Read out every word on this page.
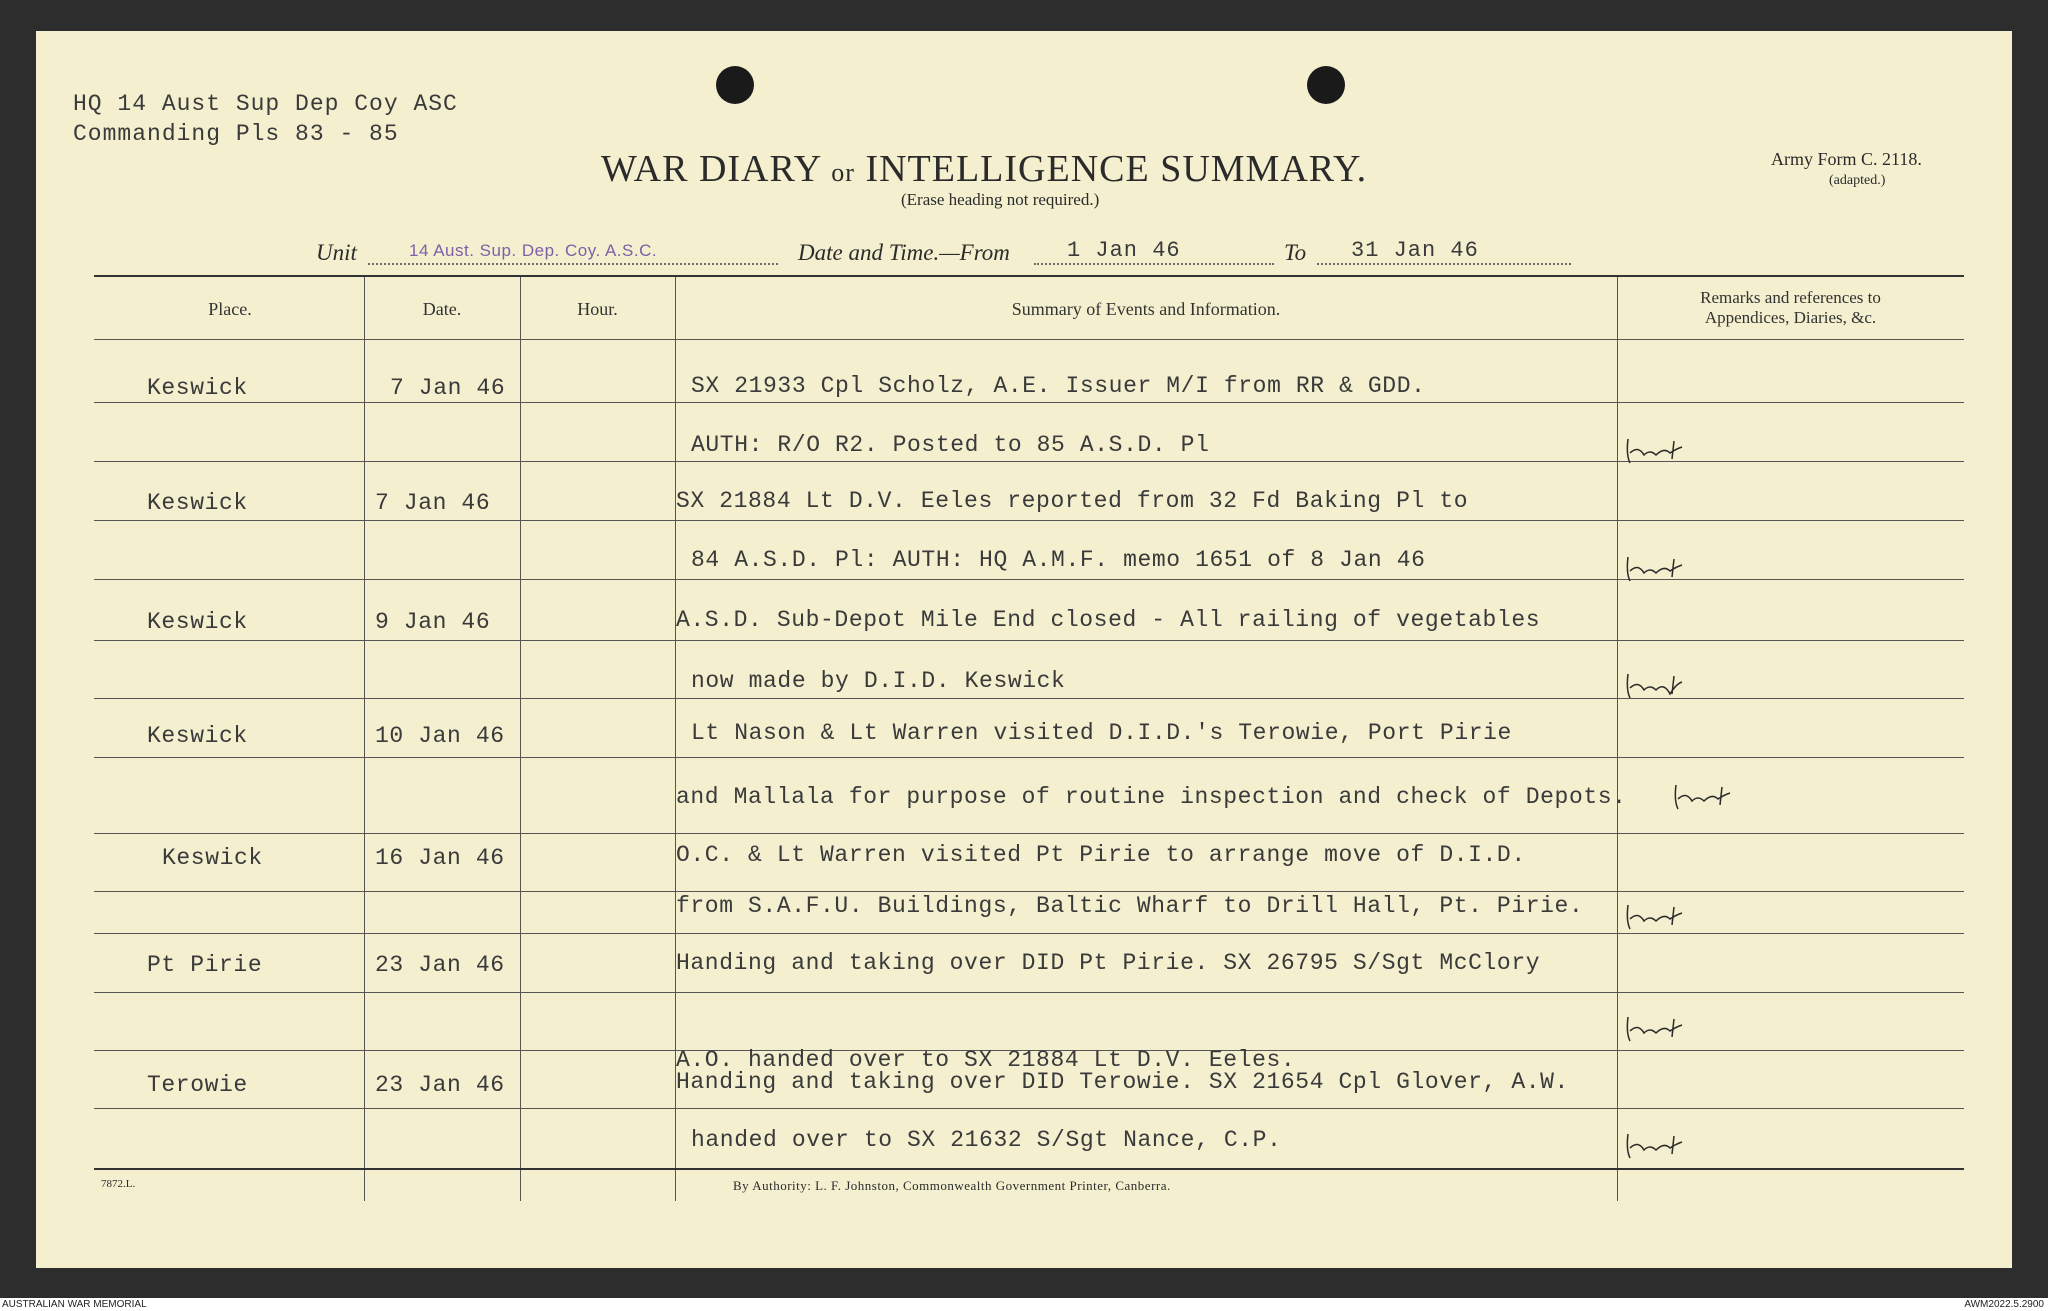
HQ 14 Aust Sup Dep Coy ASC
Commanding Pls 83 - 85
WAR DIARY or INTELLIGENCE SUMMARY.
(Erase heading not required.)
Army Form C. 2118.
(adapted.)
Unit	14 Aust. Sup. Dep. Coy. A.S.C.	Date and Time.—From	1 Jan 46	To 31 Jan 46
Place.	Date.	Hour.	Summary of Events and Information.
Remarks and references to
Appendices, Diaries, &c.
Keswick	7 Jan 46	SX 21933 Cpl Scholz, A.E. Issuer M/I from RR & GDD.
AUTH: R/O R2. Posted to 85 A.S.D. Pl
Keswick	7 Jan 46	SX 21884 Lt D.V. Eeles reported from 32 Fd Baking Pl to
84 A.S.D. Pl: AUTH: HQ A.M.F. memo 1651 of 8 Jan 46
Keswick	9 Jan 46	A.S.D. Sub-Depot Mile End closed - All railing of vegetables
now made by D.I.D. Keswick
Keswick	10 Jan 46	Lt Nason & Lt Warren visited D.I.D.'s Terowie, Port Pirie
and Mallala for purpose of routine inspection and check of Depots.
Keswick	16 Jan 46	O.C. & Lt Warren visited Pt Pirie to arrange move of D.I.D.
from S.A.F.U. Buildings, Baltic Wharf to Drill Hall, Pt. Pirie.
Pt Pirie	23 Jan 46	Handing and taking over DID Pt Pirie. SX 26795 S/Sgt McClory
A.O. handed over to SX 21884 Lt D.V. Eeles.
Terowie	23 Jan 46	Handing and taking over DID Terowie. SX 21654 Cpl Glover, A.W.
handed over to SX 21632 S/Sgt Nance, C.P.
7872.L.	By Authority: L. F. Johnston, Commonwealth Government Printer, Canberra.
AUSTRALIAN WAR MEMORIAL	AWM2022.5.2900
